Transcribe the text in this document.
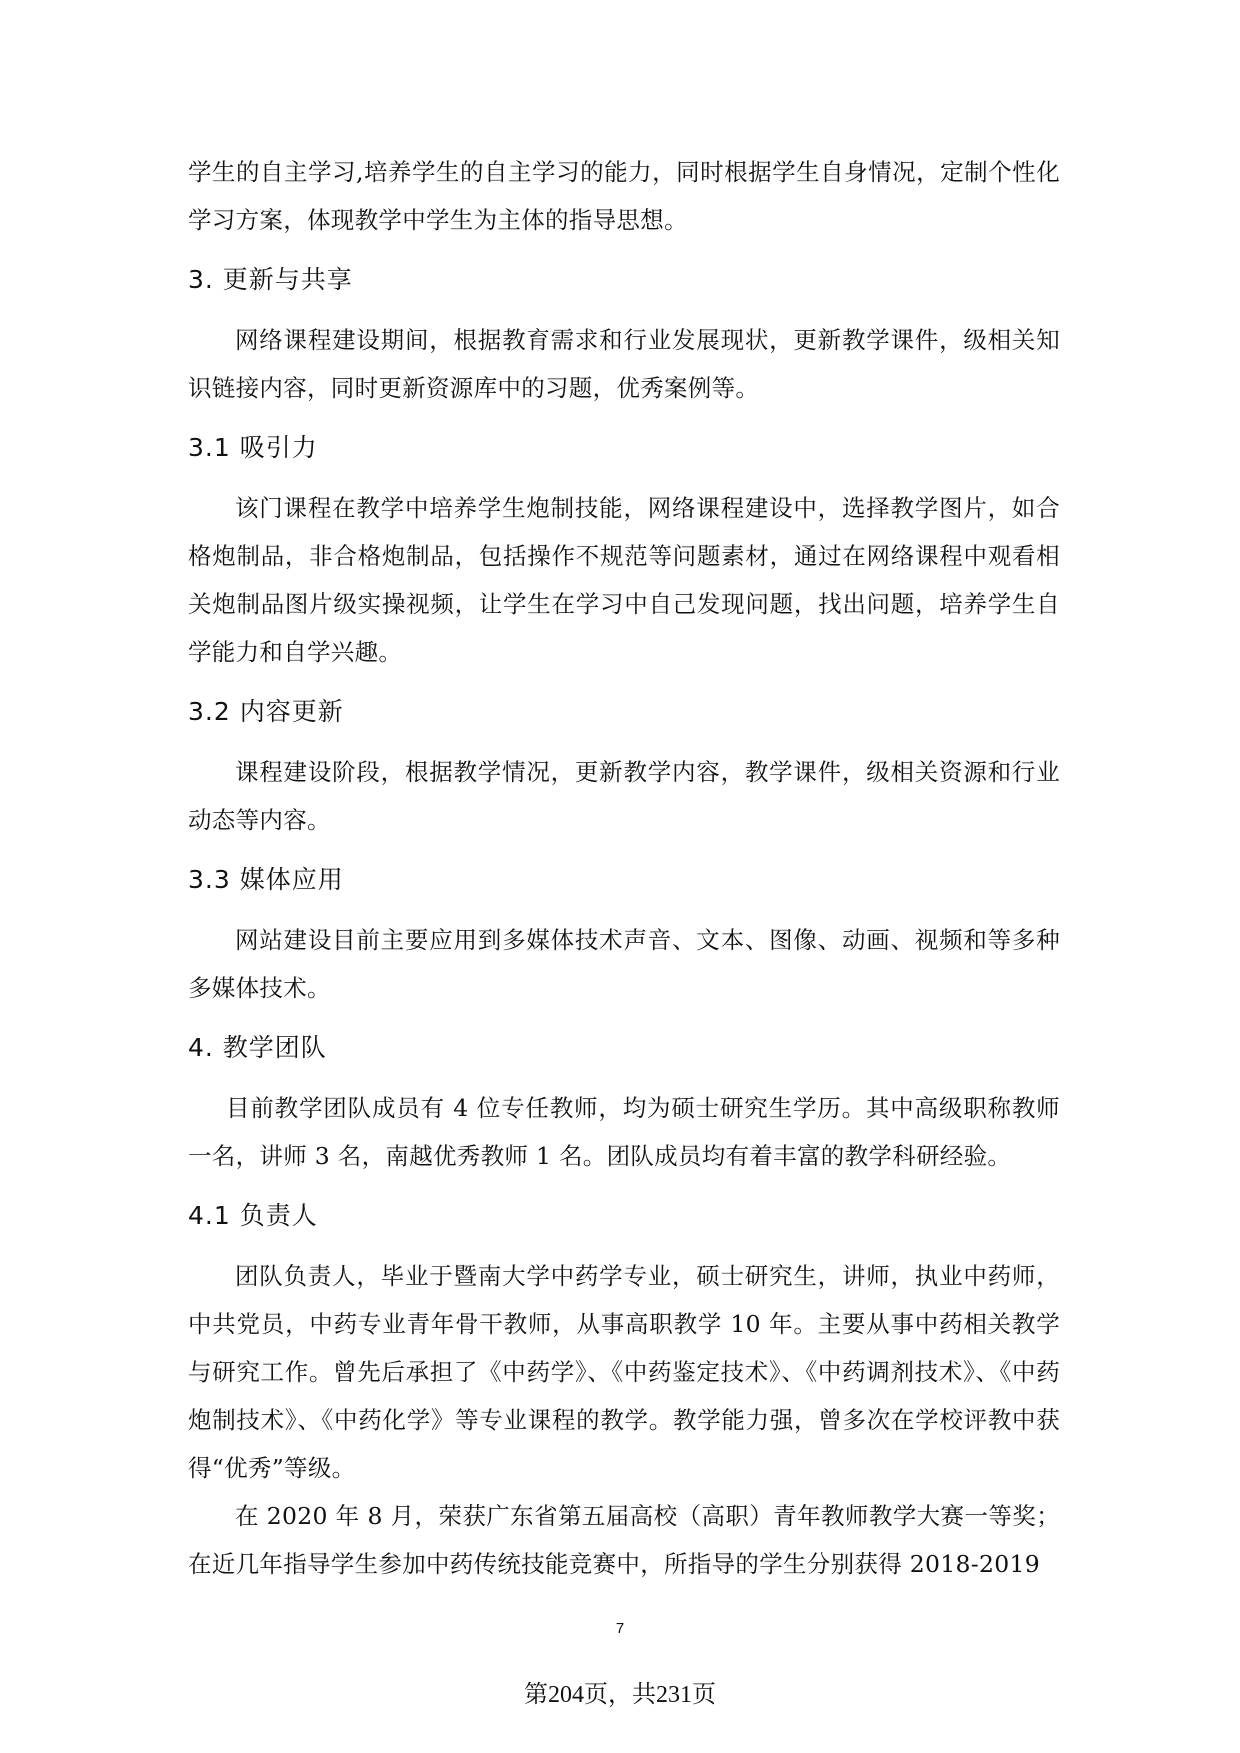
学生的自主学习,培养学生的自主学习的能力，同时根据学生自身情况，定制个性化学习方案，体现教学中学生为主体的指导思想。

3. 更新与共享

网络课程建设期间，根据教育需求和行业发展现状，更新教学课件，级相关知识链接内容，同时更新资源库中的习题，优秀案例等。

3.1 吸引力

该门课程在教学中培养学生炮制技能，网络课程建设中，选择教学图片，如合格炮制品，非合格炮制品，包括操作不规范等问题素材，通过在网络课程中观看相关炮制品图片级实操视频，让学生在学习中自己发现问题，找出问题，培养学生自学能力和自学兴趣。

3.2 内容更新

课程建设阶段，根据教学情况，更新教学内容，教学课件，级相关资源和行业动态等内容。

3.3 媒体应用

网站建设目前主要应用到多媒体技术声音、文本、图像、动画、视频和等多种多媒体技术。

4. 教学团队

目前教学团队成员有 4 位专任教师，均为硕士研究生学历。其中高级职称教师一名，讲师 3 名，南越优秀教师 1 名。团队成员均有着丰富的教学科研经验。

4.1 负责人

团队负责人，毕业于暨南大学中药学专业，硕士研究生，讲师，执业中药师，中共党员，中药专业青年骨干教师，从事高职教学 10 年。主要从事中药相关教学与研究工作。曾先后承担了《中药学》、《中药鉴定技术》、《中药调剂技术》、《中药炮制技术》、《中药化学》等专业课程的教学。教学能力强，曾多次在学校评教中获得“优秀”等级。

在 2020 年 8 月，荣获广东省第五届高校（高职）青年教师教学大赛一等奖；在近几年指导学生参加中药传统技能竞赛中，所指导的学生分别获得 2018-2019

7
第204页，共231页
